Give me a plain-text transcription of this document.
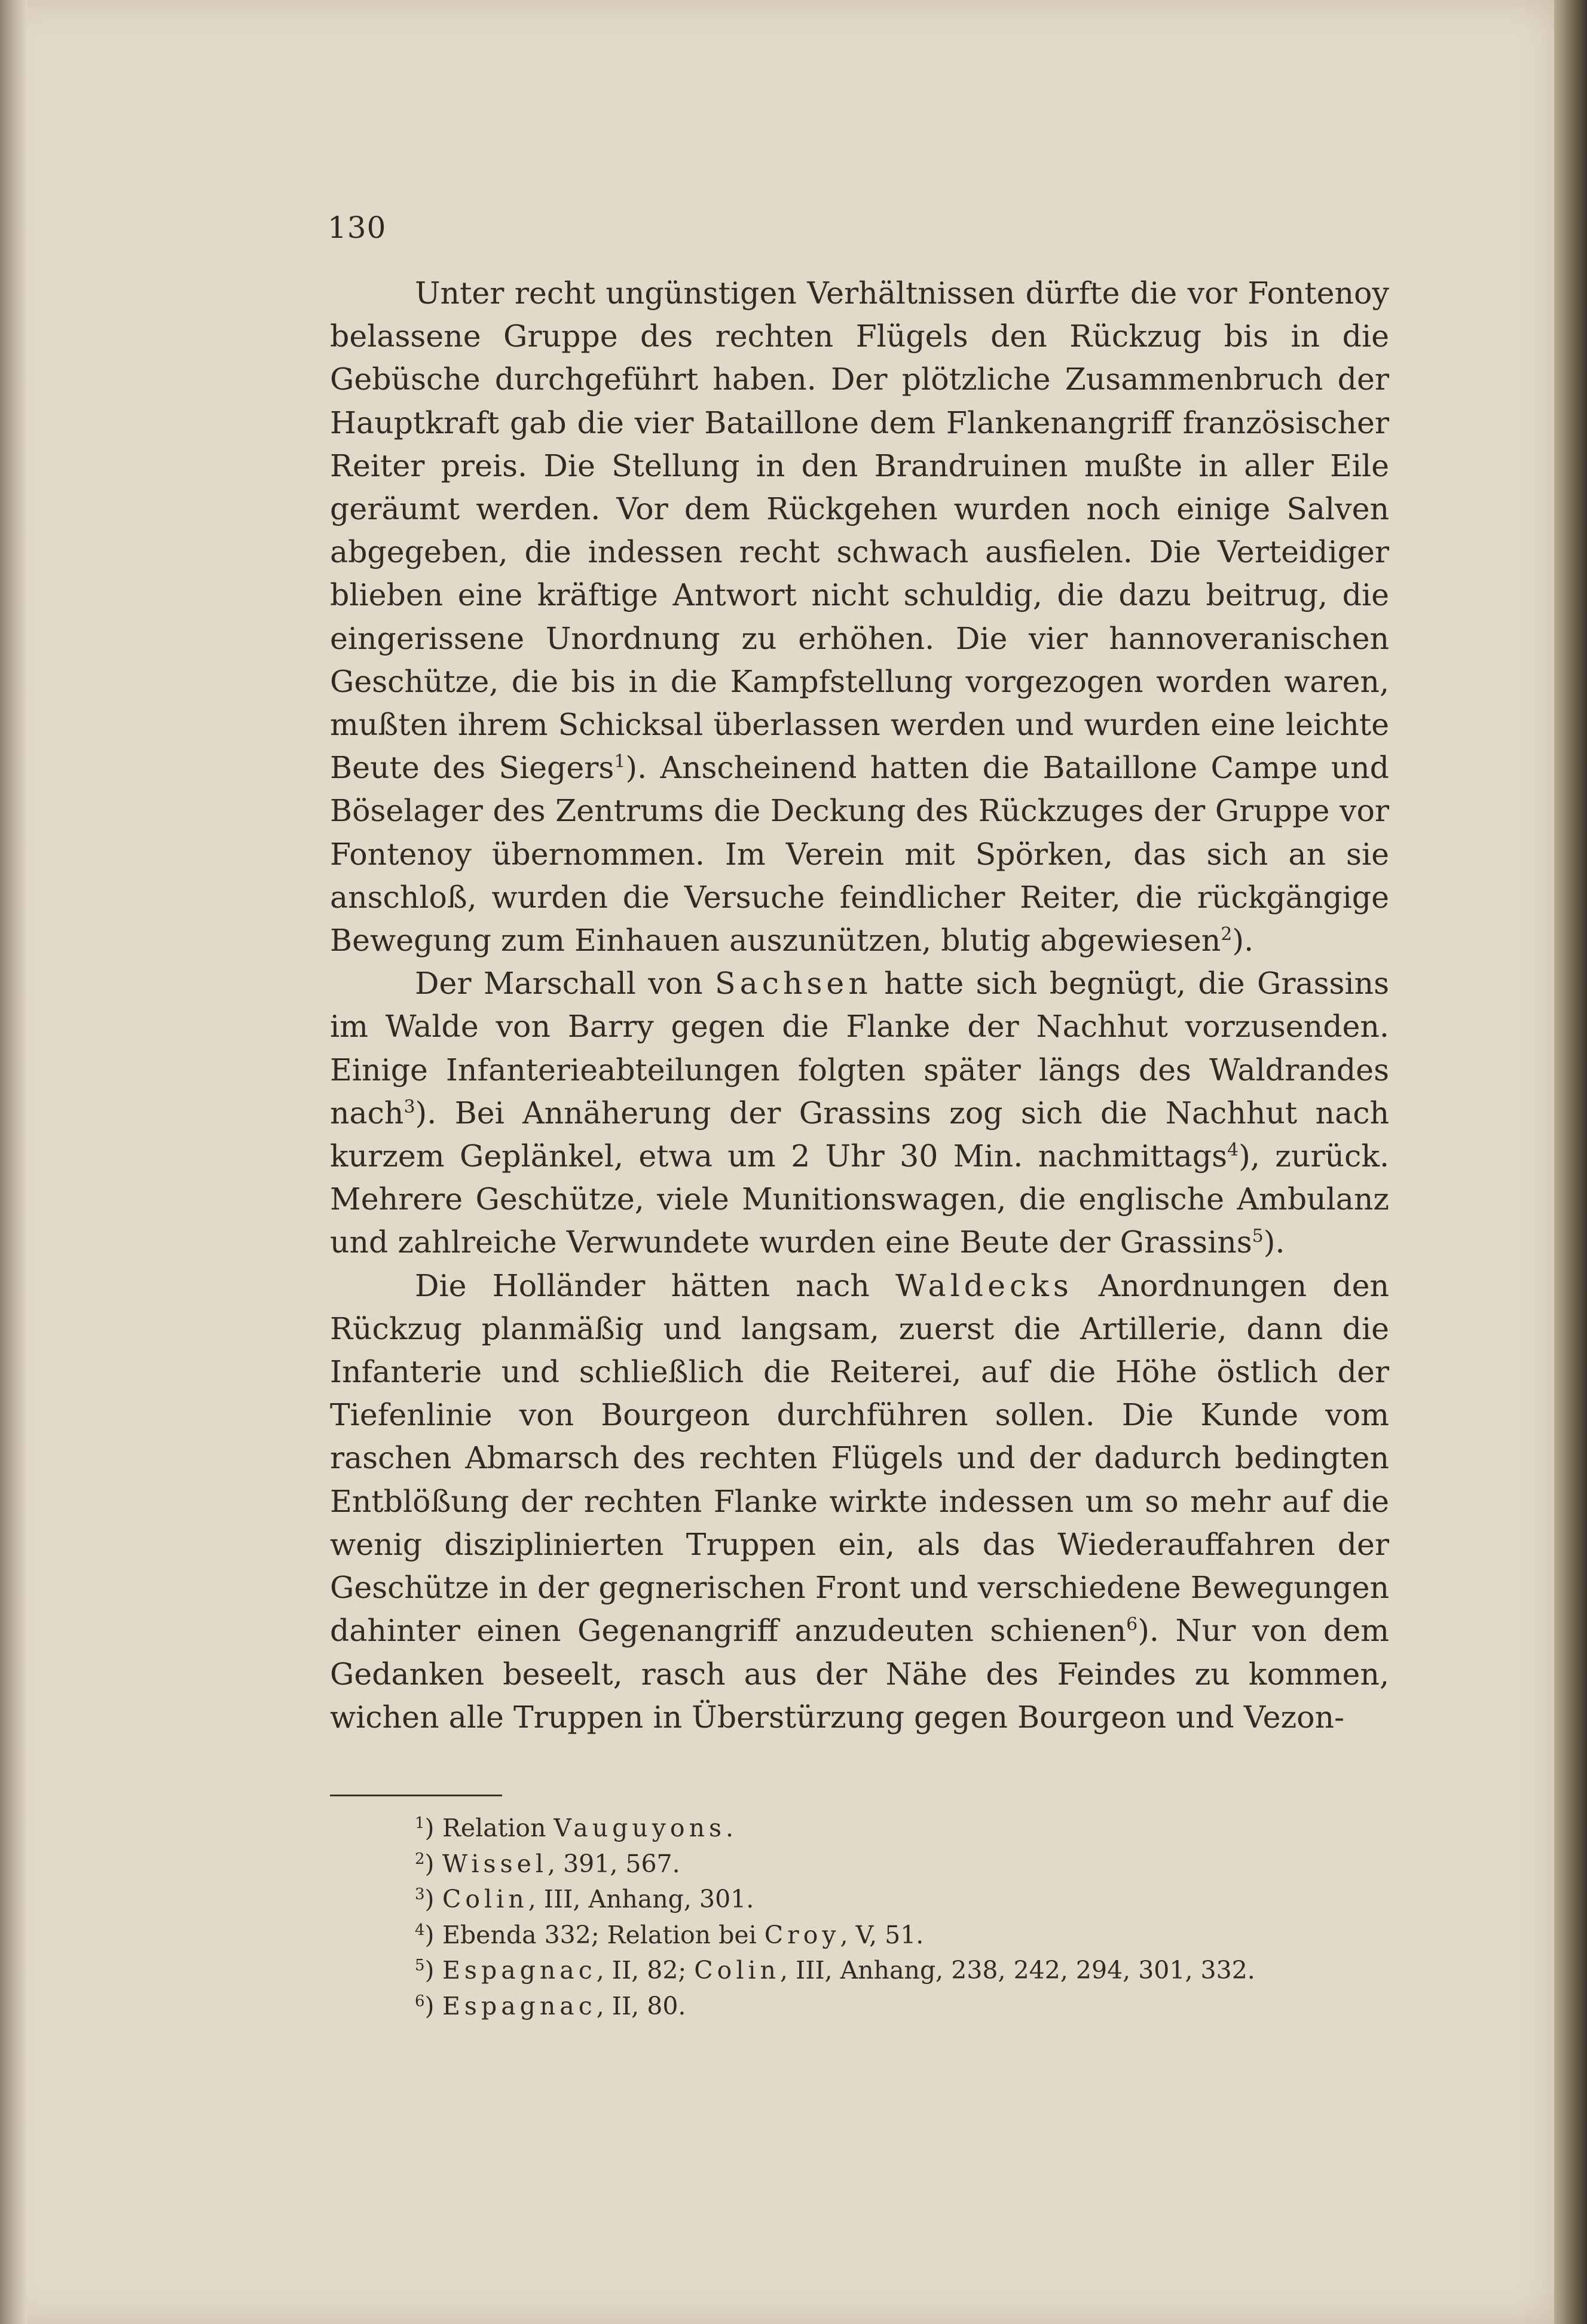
130

Unter recht ungünstigen Verhältnissen dürfte die vor Fontenoy belassene Gruppe des rechten Flügels den Rückzug bis in die Gebüsche durchgeführt haben. Der plötzliche Zusammenbruch der Hauptkraft gab die vier Bataillone dem Flankenangriff französischer Reiter preis. Die Stellung in den Brandruinen mußte in aller Eile geräumt werden. Vor dem Rückgehen wurden noch einige Salven abgegeben, die indessen recht schwach ausfielen. Die Verteidiger blieben eine kräftige Antwort nicht schuldig, die dazu beitrug, die eingerissene Unordnung zu erhöhen. Die vier hannoveranischen Geschütze, die bis in die Kampfstellung vorgezogen worden waren, mußten ihrem Schicksal überlassen werden und wurden eine leichte Beute des Siegers$^1$). Anscheinend hatten die Bataillone Campe und Böselager des Zentrums die Deckung des Rückzuges der Gruppe vor Fontenoy übernommen. Im Verein mit Spörken, das sich an sie anschloß, wurden die Versuche feindlicher Reiter, die rückgängige Bewegung zum Einhauen auszunützen, blutig abgewiesen$^2$).

Der Marschall von Sachsen hatte sich begnügt, die Grassins im Walde von Barry gegen die Flanke der Nachhut vorzusenden. Einige Infanterieabteilungen folgten später längs des Waldrandes nach$^3$). Bei Annäherung der Grassins zog sich die Nachhut nach kurzem Geplänkel, etwa um 2 Uhr 30 Min. nachmittags$^4$), zurück. Mehrere Geschütze, viele Munitionswagen, die englische Ambulanz und zahlreiche Verwundete wurden eine Beute der Grassins$^5$).

Die Holländer hätten nach Waldecks Anordnungen den Rückzug planmäßig und langsam, zuerst die Artillerie, dann die Infanterie und schließlich die Reiterei, auf die Höhe östlich der Tiefenlinie von Bourgeon durchführen sollen. Die Kunde vom raschen Abmarsch des rechten Flügels und der dadurch bedingten Entblößung der rechten Flanke wirkte indessen um so mehr auf die wenig disziplinierten Truppen ein, als das Wiederauffahren der Geschütze in der gegnerischen Front und verschiedene Bewegungen dahinter einen Gegenangriff anzudeuten schienen$^6$). Nur von dem Gedanken beseelt, rasch aus der Nähe des Feindes zu kommen, wichen alle Truppen in Überstürzung gegen Bourgeon und Vezon-

$^1$) Relation Vauguyons.
$^2$) Wissel, 391, 567.
$^3$) Colin, III, Anhang, 301.
$^4$) Ebenda 332; Relation bei Croy, V, 51.
$^5$) Espagnac, II, 82; Colin, III, Anhang, 238, 242, 294, 301, 332.
$^6$) Espagnac, II, 80.
